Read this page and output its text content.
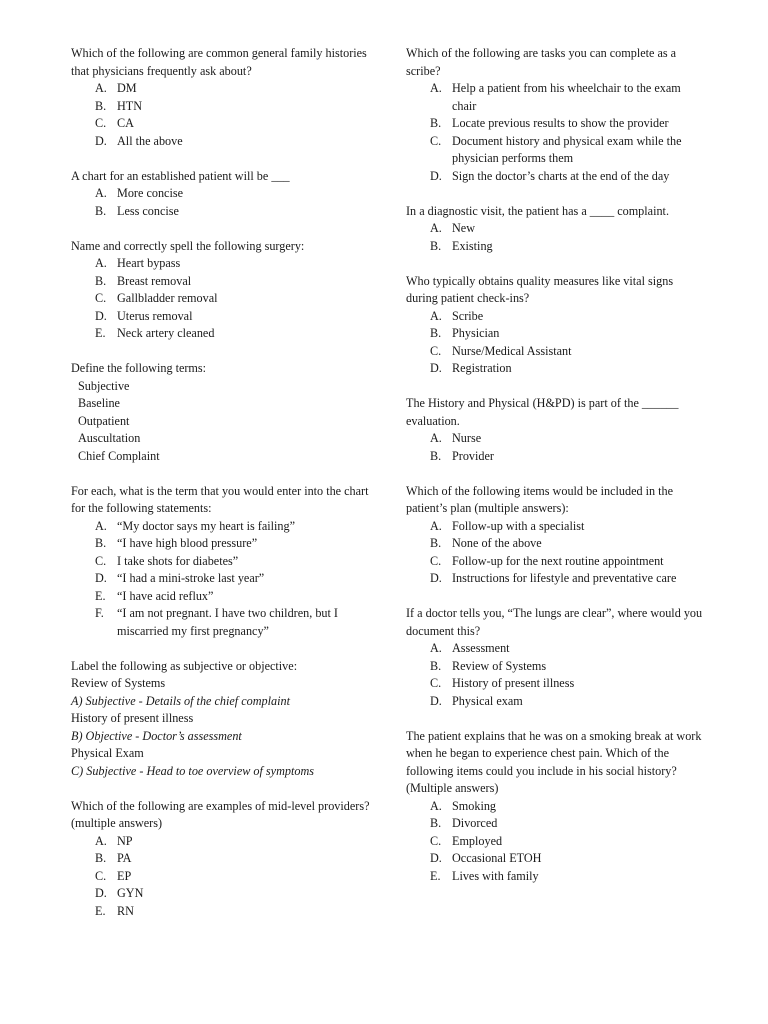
Which of the following are common general family histories that physicians frequently ask about?
A. DM
B. HTN
C. CA
D. All the above
A chart for an established patient will be ___
A. More concise
B. Less concise
Name and correctly spell the following surgery:
A. Heart bypass
B. Breast removal
C. Gallbladder removal
D. Uterus removal
E. Neck artery cleaned
Define the following terms:
Subjective
Baseline
Outpatient
Auscultation
Chief Complaint
For each, what is the term that you would enter into the chart for the following statements:
A. “My doctor says my heart is failing”
B. “I have high blood pressure”
C. I take shots for diabetes”
D. “I had a mini-stroke last year”
E. “I have acid reflux”
F. “I am not pregnant. I have two children, but I miscarried my first pregnancy”
Label the following as subjective or objective:
Review of Systems
A) Subjective - Details of the chief complaint
History of present illness
B) Objective - Doctor’s assessment
Physical Exam
C) Subjective - Head to toe overview of symptoms
Which of the following are examples of mid-level providers? (multiple answers)
A. NP
B. PA
C. EP
D. GYN
E. RN
Which of the following are tasks you can complete as a scribe?
A. Help a patient from his wheelchair to the exam chair
B. Locate previous results to show the provider
C. Document history and physical exam while the physician performs them
D. Sign the doctor’s charts at the end of the day
In a diagnostic visit, the patient has a ____ complaint.
A. New
B. Existing
Who typically obtains quality measures like vital signs during patient check-ins?
A. Scribe
B. Physician
C. Nurse/Medical Assistant
D. Registration
The History and Physical (H&PD) is part of the ______ evaluation.
A. Nurse
B. Provider
Which of the following items would be included in the patient’s plan (multiple answers):
A. Follow-up with a specialist
B. None of the above
C. Follow-up for the next routine appointment
D. Instructions for lifestyle and preventative care
If a doctor tells you, “The lungs are clear”, where would you document this?
A. Assessment
B. Review of Systems
C. History of present illness
D. Physical exam
The patient explains that he was on a smoking break at work when he began to experience chest pain. Which of the following items could you include in his social history? (Multiple answers)
A. Smoking
B. Divorced
C. Employed
D. Occasional ETOH
E. Lives with family
